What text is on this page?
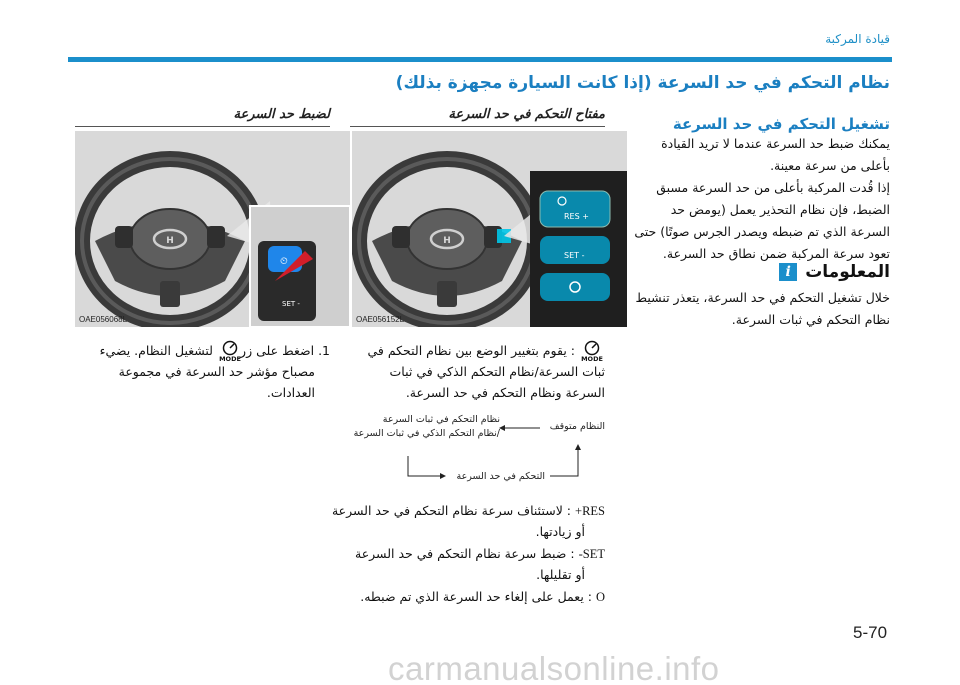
قيادة المركبة
نظام التحكم في حد السرعة (إذا كانت السيارة مجهزة بذلك)
لضبط حد السرعة	مفتاح التحكم في حد السرعة
تشغيل التحكم في حد السرعة
يمكنك ضبط حد السرعة عندما لا تريد القيادة
بأعلى من سرعة معينة.
إذا قُدت المركبة بأعلى من حد السرعة مسبق
الضبط، فإن نظام التحذير يعمل (يومض حد
السرعة الذي تم ضبطه ويصدر الجرس صوتًا) حتى
تعود سرعة المركبة ضمن نطاق حد السرعة.
i المعلومات
خلال تشغيل التحكم في حد السرعة، يتعذر تنشيط
نظام التحكم في ثبات السرعة.
H
RES +
SET -
OAE056152L
H
⏲
SET -
OAE056068L
MODE
: يقوم بتغيير الوضع بين نظام التحكم في
ثبات السرعة/نظام التحكم الذكي في ثبات
السرعة ونظام التحكم في حد السرعة.
نظام التحكم في ثبات السرعة
/نظام التحكم الذكي في ثبات السرعة
النظام متوقف
التحكم في حد السرعة
RES+ : لاستئناف سرعة نظام التحكم في حد السرعة
أو زيادتها.
SET- : ضبط سرعة نظام التحكم في حد السرعة
أو تقليلها.
O : يعمل على إلغاء حد السرعة الذي تم ضبطه.
1. اضغط على زر
MODE
لتشغيل النظام. يضيء
مصباح مؤشر حد السرعة في مجموعة
العدادات.
5-70
carmanualsonline.info
